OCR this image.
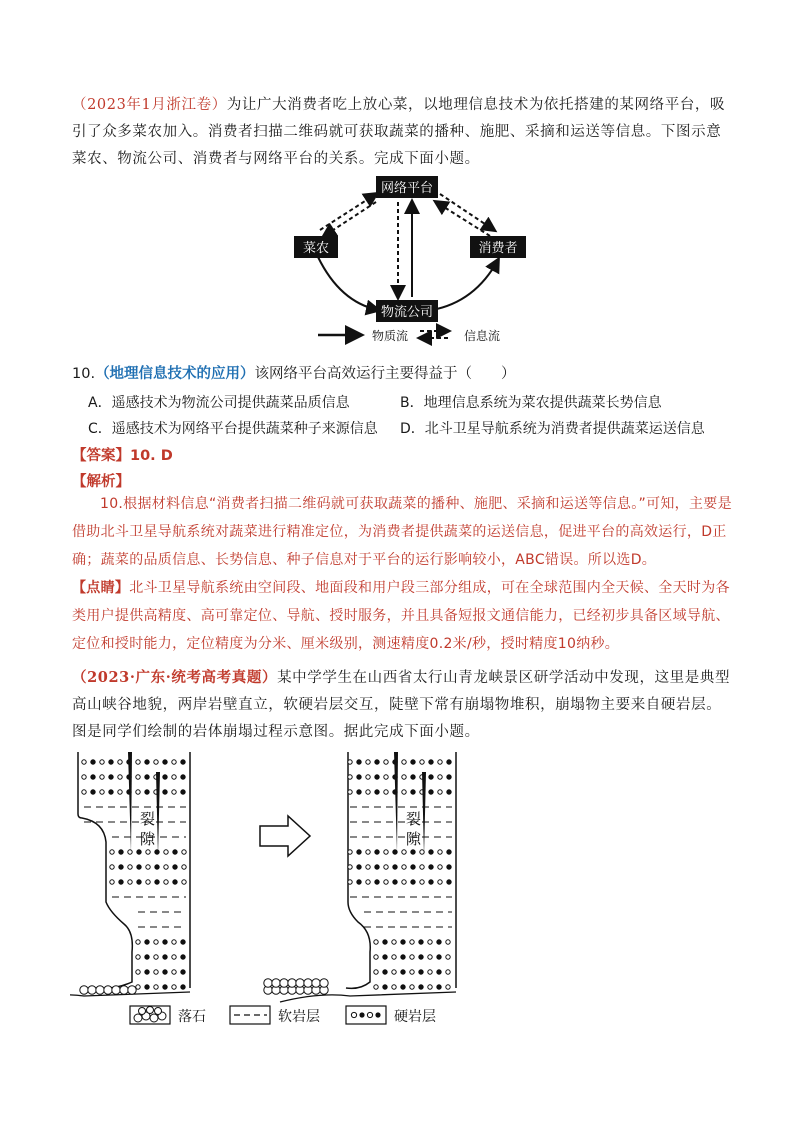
（2023年1月浙江卷）为让广大消费者吃上放心菜，以地理信息技术为依托搭建的某网络平台，吸引了众多菜农加入。消费者扫描二维码就可获取蔬菜的播种、施肥、采摘和运送等信息。下图示意菜农、物流公司、消费者与网络平台的关系。完成下面小题。
网络平台
菜农	消费者
物流公司
物质流	信息流
10.（地理信息技术的应用）该网络平台高效运行主要得益于（　　）
A．遥感技术为物流公司提供蔬菜品质信息	B．地理信息系统为菜农提供蔬菜长势信息
C．遥感技术为网络平台提供蔬菜种子来源信息 D．北斗卫星导航系统为消费者提供蔬菜运送信息
【答案】10. D
【解析】
10.根据材料信息“消费者扫描二维码就可获取蔬菜的播种、施肥、采摘和运送等信息。”可知，主要是借助北斗卫星导航系统对蔬菜进行精准定位，为消费者提供蔬菜的运送信息，促进平台的高效运行，D正确；蔬菜的品质信息、长势信息、种子信息对于平台的运行影响较小，ABC错误。所以选D。
【点睛】北斗卫星导航系统由空间段、地面段和用户段三部分组成，可在全球范围内全天候、全天时为各类用户提供高精度、高可靠定位、导航、授时服务，并且具备短报文通信能力，已经初步具备区域导航、定位和授时能力，定位精度为分米、厘米级别，测速精度0.2米/秒，授时精度10纳秒。
（2023·广东·统考高考真题）某中学学生在山西省太行山青龙峡景区研学活动中发现，这里是典型高山峡谷地貌，两岸岩壁直立，软硬岩层交互，陡壁下常有崩塌物堆积，崩塌物主要来自硬岩层。图是同学们绘制的岩体崩塌过程示意图。据此完成下面小题。
裂
隙
裂
隙
落石	软岩层	硬岩层
